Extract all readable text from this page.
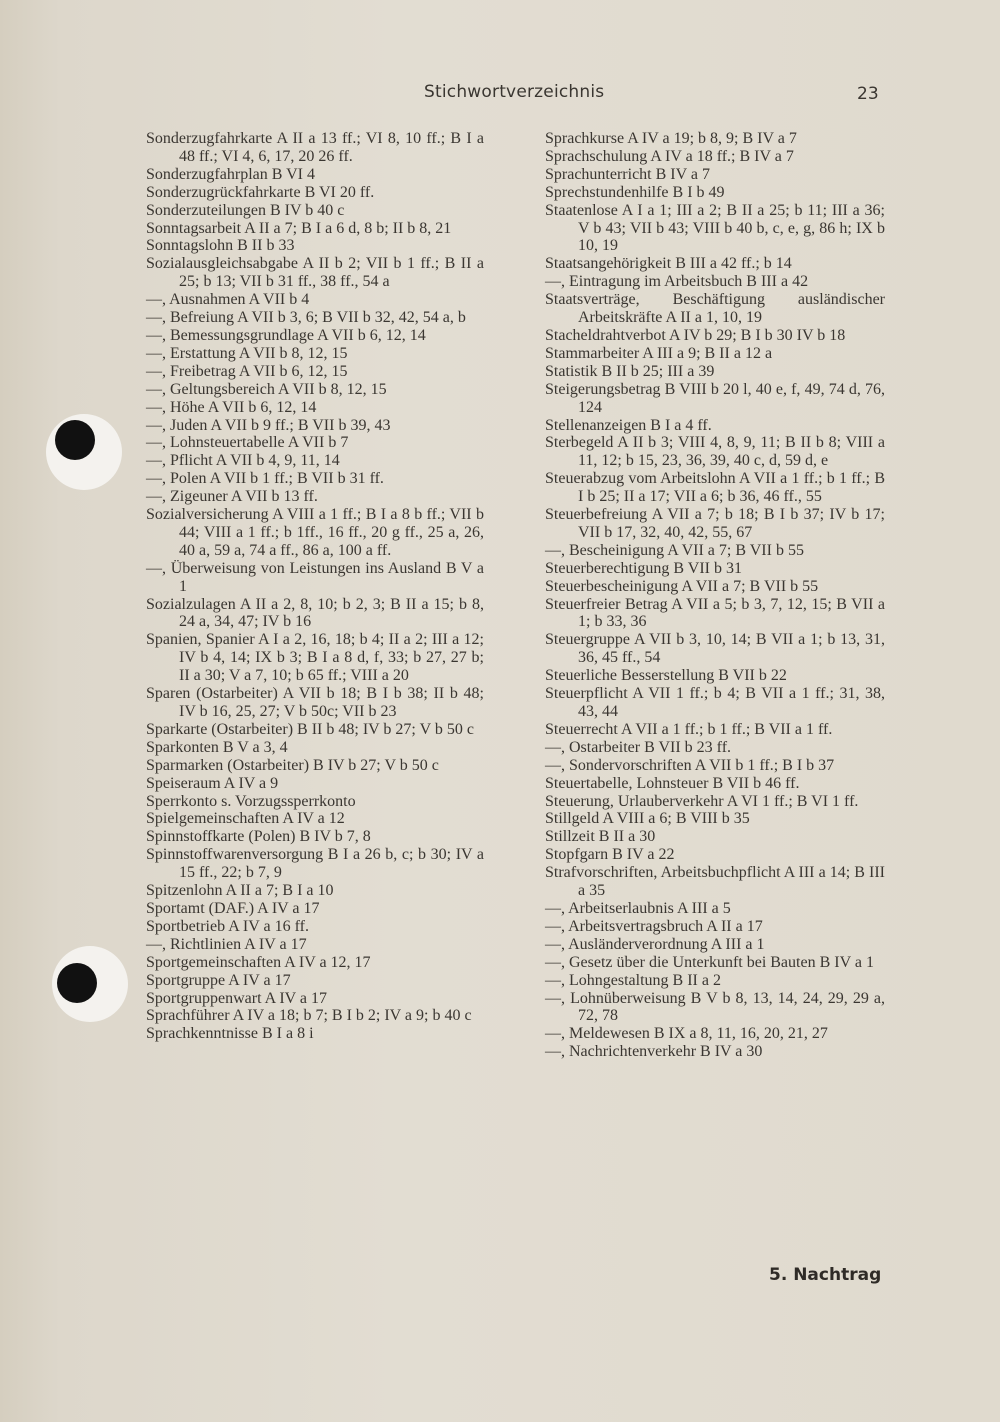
Stichwortverzeichnis	23
Sonderzugfahrkarte A II a 13 ff.; VI 8, 10 ff.; B I a 48 ff.; VI 4, 6, 17, 20 26 ff.
Sonderzugfahrplan B VI 4
Sonderzugrückfahrkarte B VI 20 ff.
Sonderzuteilungen B IV b 40 c
Sonntagsarbeit A II a 7; B I a 6 d, 8 b; II b 8, 21
Sonntagslohn B II b 33
Sozialausgleichsabgabe A II b 2; VII b 1 ff.; B II a 25; b 13; VII b 31 ff., 38 ff., 54 a
—, Ausnahmen A VII b 4
—, Befreiung A VII b 3, 6; B VII b 32, 42, 54 a, b
—, Bemessungsgrundlage A VII b 6, 12, 14
—, Erstattung A VII b 8, 12, 15
—, Freibetrag A VII b 6, 12, 15
—, Geltungsbereich A VII b 8, 12, 15
—, Höhe A VII b 6, 12, 14
—, Juden A VII b 9 ff.; B VII b 39, 43
—, Lohnsteuertabelle A VII b 7
—, Pflicht A VII b 4, 9, 11, 14
—, Polen A VII b 1 ff.; B VII b 31 ff.
—, Zigeuner A VII b 13 ff.
Sozialversicherung A VIII a 1 ff.; B I a 8 b ff.; VII b 44; VIII a 1 ff.; b 1ff., 16 ff., 20 g ff., 25 a, 26, 40 a, 59 a, 74 a ff., 86 a, 100 a ff.
—, Überweisung von Leistungen ins Ausland B V a 1
Sozialzulagen A II a 2, 8, 10; b 2, 3; B II a 15; b 8, 24 a, 34, 47; IV b 16
Spanien, Spanier A I a 2, 16, 18; b 4; II a 2; III a 12; IV b 4, 14; IX b 3; B I a 8 d, f, 33; b 27, 27 b; II a 30; V a 7, 10; b 65 ff.; VIII a 20
Sparen (Ostarbeiter) A VII b 18; B I b 38; II b 48; IV b 16, 25, 27; V b 50c; VII b 23
Sparkarte (Ostarbeiter) B II b 48; IV b 27; V b 50 c
Sparkonten B V a 3, 4
Sparmarken (Ostarbeiter) B IV b 27; V b 50 c
Speiseraum A IV a 9
Sperrkonto s. Vorzugssperrkonto
Spielgemeinschaften A IV a 12
Spinnstoffkarte (Polen) B IV b 7, 8
Spinnstoffwarenversorgung B I a 26 b, c; b 30; IV a 15 ff., 22; b 7, 9
Spitzenlohn A II a 7; B I a 10
Sportamt (DAF.) A IV a 17
Sportbetrieb A IV a 16 ff.
—, Richtlinien A IV a 17
Sportgemeinschaften A IV a 12, 17
Sportgruppe A IV a 17
Sportgruppenwart A IV a 17
Sprachführer A IV a 18; b 7; B I b 2; IV a 9; b 40 c
Sprachkenntnisse B I a 8 i
Sprachkurse A IV a 19; b 8, 9; B IV a 7
Sprachschulung A IV a 18 ff.; B IV a 7
Sprachunterricht B IV a 7
Sprechstundenhilfe B I b 49
Staatenlose A I a 1; III a 2; B II a 25; b 11; III a 36; V b 43; VII b 43; VIII b 40 b, c, e, g, 86 h; IX b 10, 19
Staatsangehörigkeit B III a 42 ff.; b 14
—, Eintragung im Arbeitsbuch B III a 42
Staatsverträge, Beschäftigung ausländischer Arbeitskräfte A II a 1, 10, 19
Stacheldrahtverbot A IV b 29; B I b 30 IV b 18
Stammarbeiter A III a 9; B II a 12 a
Statistik B II b 25; III a 39
Steigerungsbetrag B VIII b 20 l, 40 e, f, 49, 74 d, 76, 124
Stellenanzeigen B I a 4 ff.
Sterbegeld A II b 3; VIII 4, 8, 9, 11; B II b 8; VIII a 11, 12; b 15, 23, 36, 39, 40 c, d, 59 d, e
Steuerabzug vom Arbeitslohn A VII a 1 ff.; b 1 ff.; B I b 25; II a 17; VII a 6; b 36, 46 ff., 55
Steuerbefreiung A VII a 7; b 18; B I b 37; IV b 17; VII b 17, 32, 40, 42, 55, 67
—, Bescheinigung A VII a 7; B VII b 55
Steuerberechtigung B VII b 31
Steuerbescheinigung A VII a 7; B VII b 55
Steuerfreier Betrag A VII a 5; b 3, 7, 12, 15; B VII a 1; b 33, 36
Steuergruppe A VII b 3, 10, 14; B VII a 1; b 13, 31, 36, 45 ff., 54
Steuerliche Besserstellung B VII b 22
Steuerpflicht A VII 1 ff.; b 4; B VII a 1 ff.; 31, 38, 43, 44
Steuerrecht A VII a 1 ff.; b 1 ff.; B VII a 1 ff.
—, Ostarbeiter B VII b 23 ff.
—, Sondervorschriften A VII b 1 ff.; B I b 37
Steuertabelle, Lohnsteuer B VII b 46 ff.
Steuerung, Urlauberverkehr A VI 1 ff.; B VI 1 ff.
Stillgeld A VIII a 6; B VIII b 35
Stillzeit B II a 30
Stopfgarn B IV a 22
Strafvorschriften, Arbeitsbuchpflicht A III a 14; B III a 35
—, Arbeitserlaubnis A III a 5
—, Arbeitsvertragsbruch A II a 17
—, Ausländerverordnung A III a 1
—, Gesetz über die Unterkunft bei Bauten B IV a 1
—, Lohngestaltung B II a 2
—, Lohnüberweisung B V b 8, 13, 14, 24, 29, 29 a, 72, 78
—, Meldewesen B IX a 8, 11, 16, 20, 21, 27
—, Nachrichtenverkehr B IV a 30
5. Nachtrag
